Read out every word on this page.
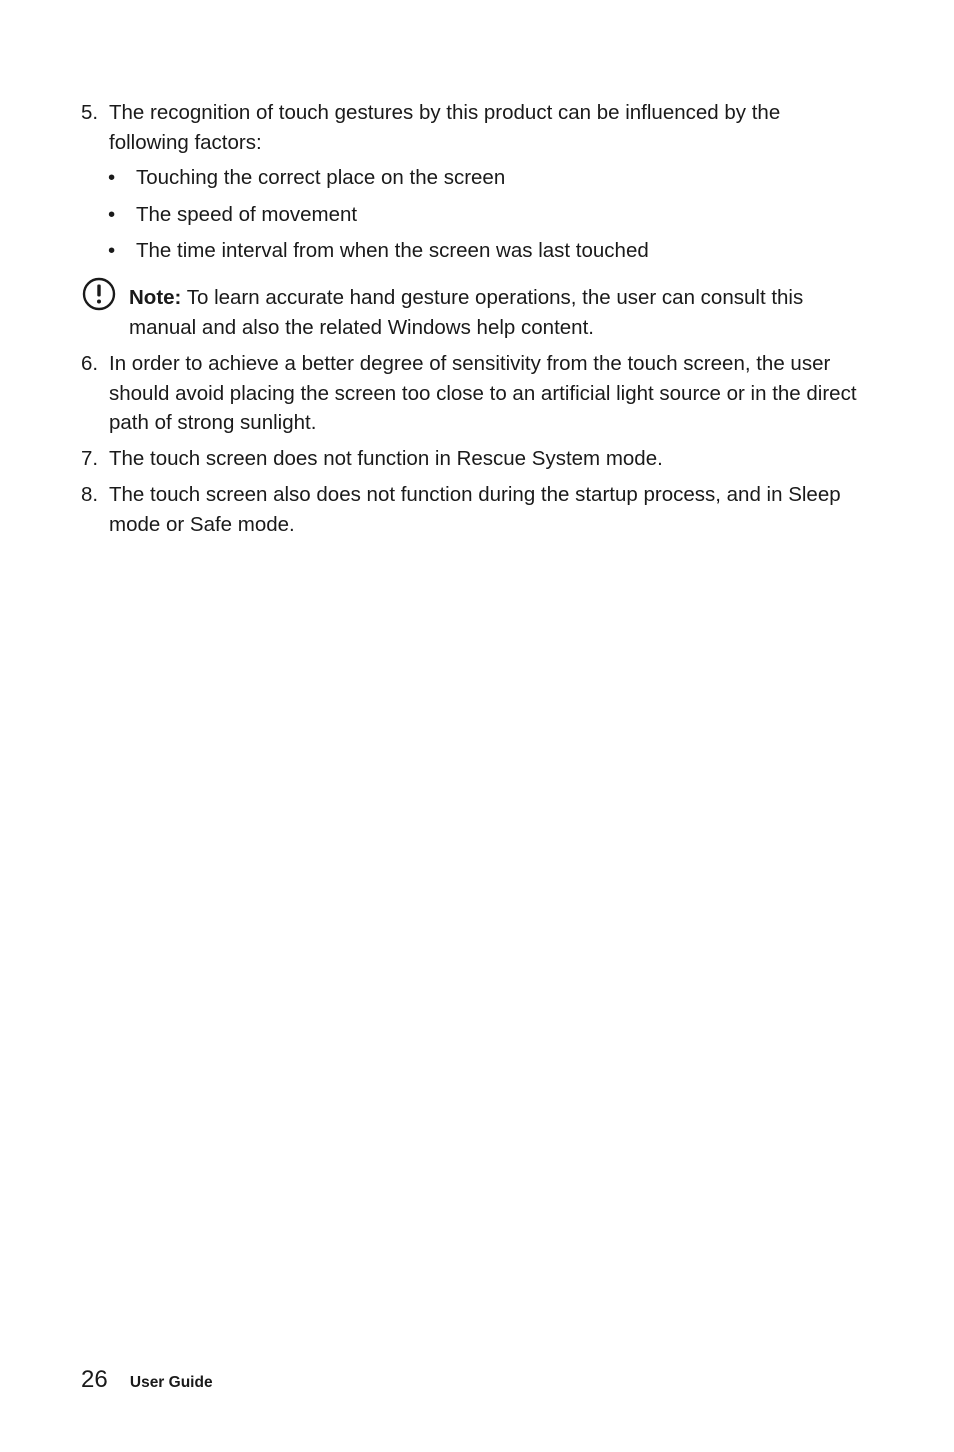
5. The recognition of touch gestures by this product can be influenced by the following factors:
• Touching the correct place on the screen
• The speed of movement
• The time interval from when the screen was last touched
Note: To learn accurate hand gesture operations, the user can consult this manual and also the related Windows help content.
6. In order to achieve a better degree of sensitivity from the touch screen, the user should avoid placing the screen too close to an artificial light source or in the direct path of strong sunlight.
7. The touch screen does not function in Rescue System mode.
8. The touch screen also does not function during the startup process, and in Sleep mode or Safe mode.
26 User Guide
